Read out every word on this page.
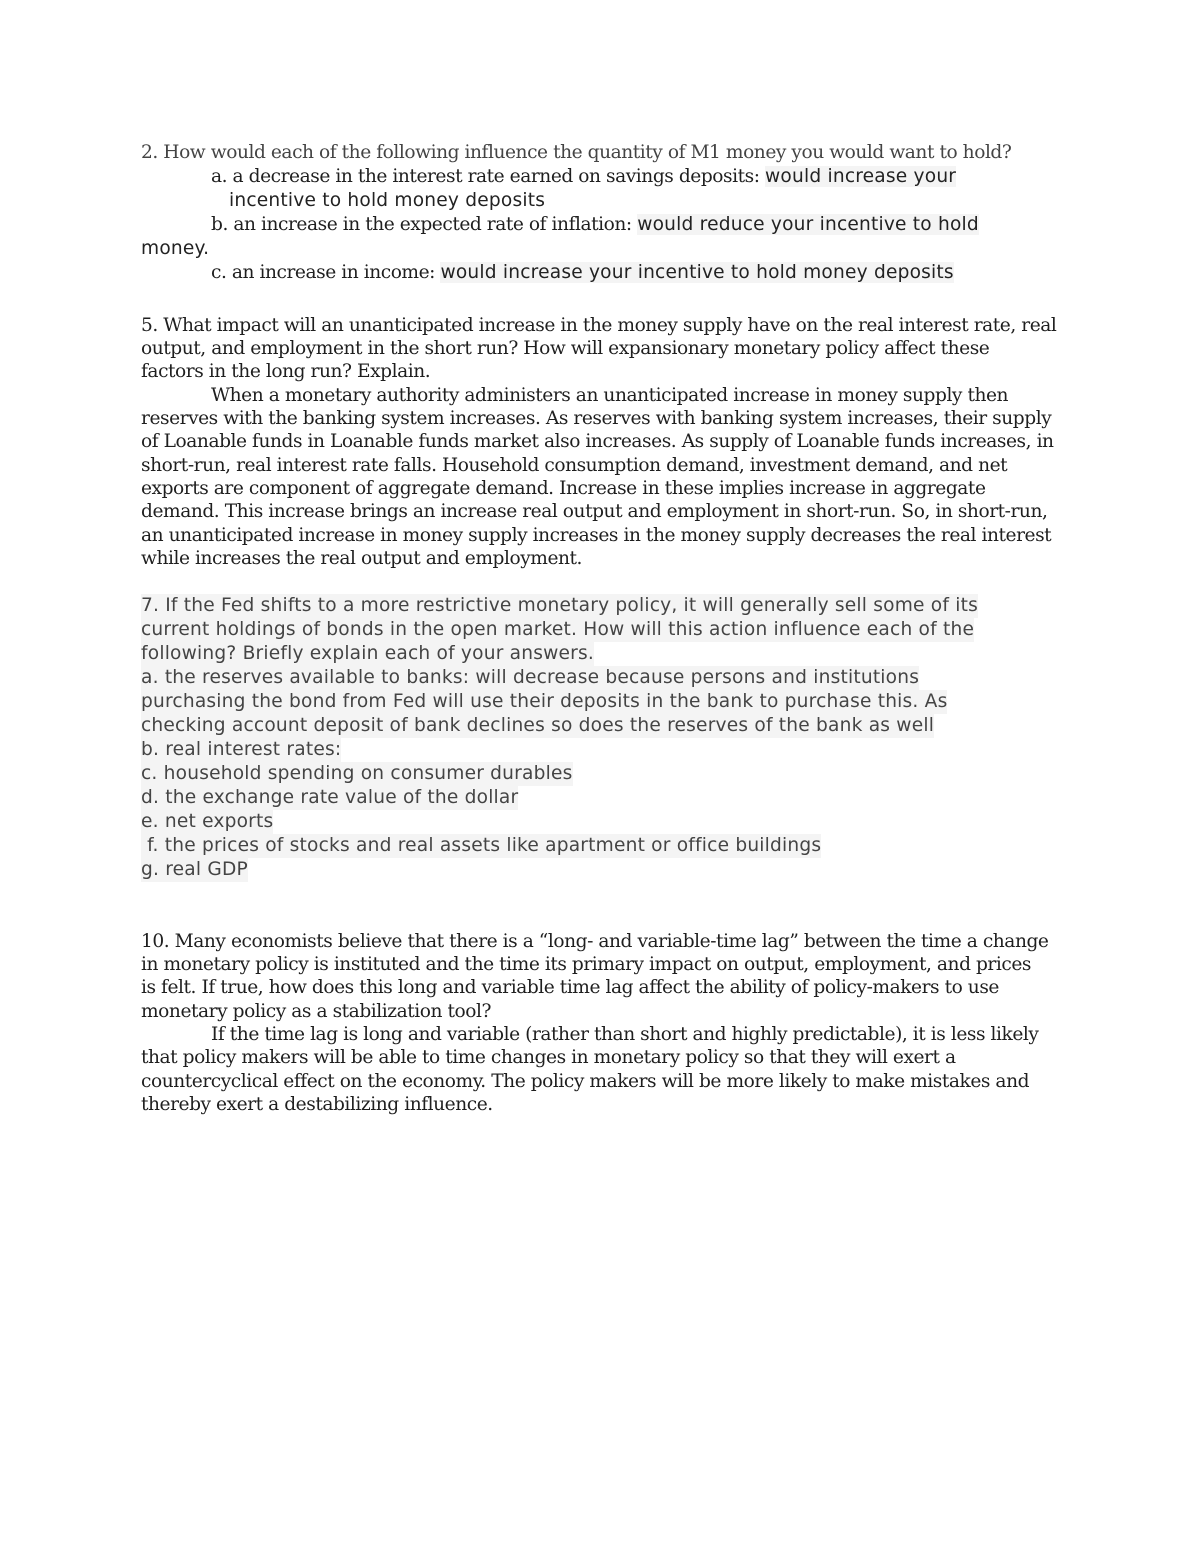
2. How would each of the following influence the quantity of M1 money you would want to hold?
a. a decrease in the interest rate earned on savings deposits: would increase your
incentive to hold money deposits
b. an increase in the expected rate of inflation: would reduce your incentive to hold
money.
c. an increase in income: would increase your incentive to hold money deposits
5. What impact will an unanticipated increase in the money supply have on the real interest rate, real
output, and employment in the short run? How will expansionary monetary policy affect these
factors in the long run? Explain.
When a monetary authority administers an unanticipated increase in money supply then
reserves with the banking system increases. As reserves with banking system increases, their supply
of Loanable funds in Loanable funds market also increases. As supply of Loanable funds increases, in
short-run, real interest rate falls. Household consumption demand, investment demand, and net
exports are component of aggregate demand. Increase in these implies increase in aggregate
demand. This increase brings an increase real output and employment in short-run. So, in short-run,
an unanticipated increase in money supply increases in the money supply decreases the real interest
while increases the real output and employment.
7. If the Fed shifts to a more restrictive monetary policy, it will generally sell some of its
current holdings of bonds in the open market. How will this action influence each of the
following? Briefly explain each of your answers.
a. the reserves available to banks: will decrease because persons and institutions
purchasing the bond from Fed will use their deposits in the bank to purchase this. As
checking account deposit of bank declines so does the reserves of the bank as well
b. real interest rates:
c. household spending on consumer durables
d. the exchange rate value of the dollar
e. net exports
f. the prices of stocks and real assets like apartment or office buildings
g. real GDP
10. Many economists believe that there is a “long- and variable-time lag” between the time a change
in monetary policy is instituted and the time its primary impact on output, employment, and prices
is felt. If true, how does this long and variable time lag affect the ability of policy-makers to use
monetary policy as a stabilization tool?
If the time lag is long and variable (rather than short and highly predictable), it is less likely
that policy makers will be able to time changes in monetary policy so that they will exert a
countercyclical effect on the economy. The policy makers will be more likely to make mistakes and
thereby exert a destabilizing influence.
